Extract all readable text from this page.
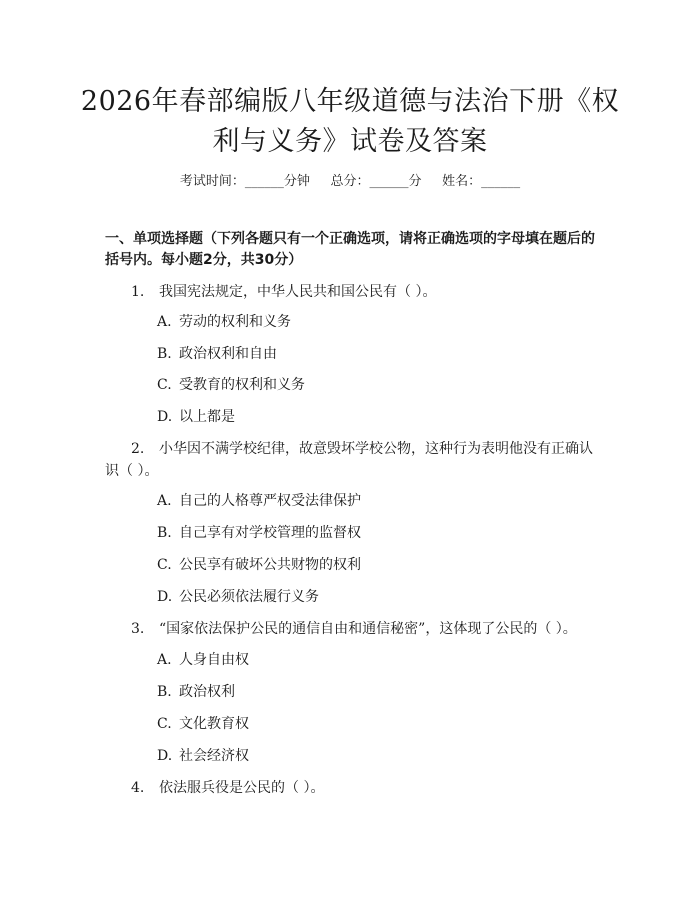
2026年春部编版八年级道德与法治下册《权
利与义务》试卷及答案
考试时间：______分钟     总分：______分     姓名：______
一、单项选择题（下列各题只有一个正确选项，请将正确选项的字母填在题后的
括号内。每小题2分，共30分）
1. 我国宪法规定，中华人民共和国公民有（ ）。
A. 劳动的权利和义务
B. 政治权利和自由
C. 受教育的权利和义务
D. 以上都是
2. 小华因不满学校纪律，故意毁坏学校公物，这种行为表明他没有正确认识（ ）。
A. 自己的人格尊严权受法律保护
B. 自己享有对学校管理的监督权
C. 公民享有破坏公共财物的权利
D. 公民必须依法履行义务
3. “国家依法保护公民的通信自由和通信秘密”，这体现了公民的（ ）。
A. 人身自由权
B. 政治权利
C. 文化教育权
D. 社会经济权
4. 依法服兵役是公民的（ ）。
